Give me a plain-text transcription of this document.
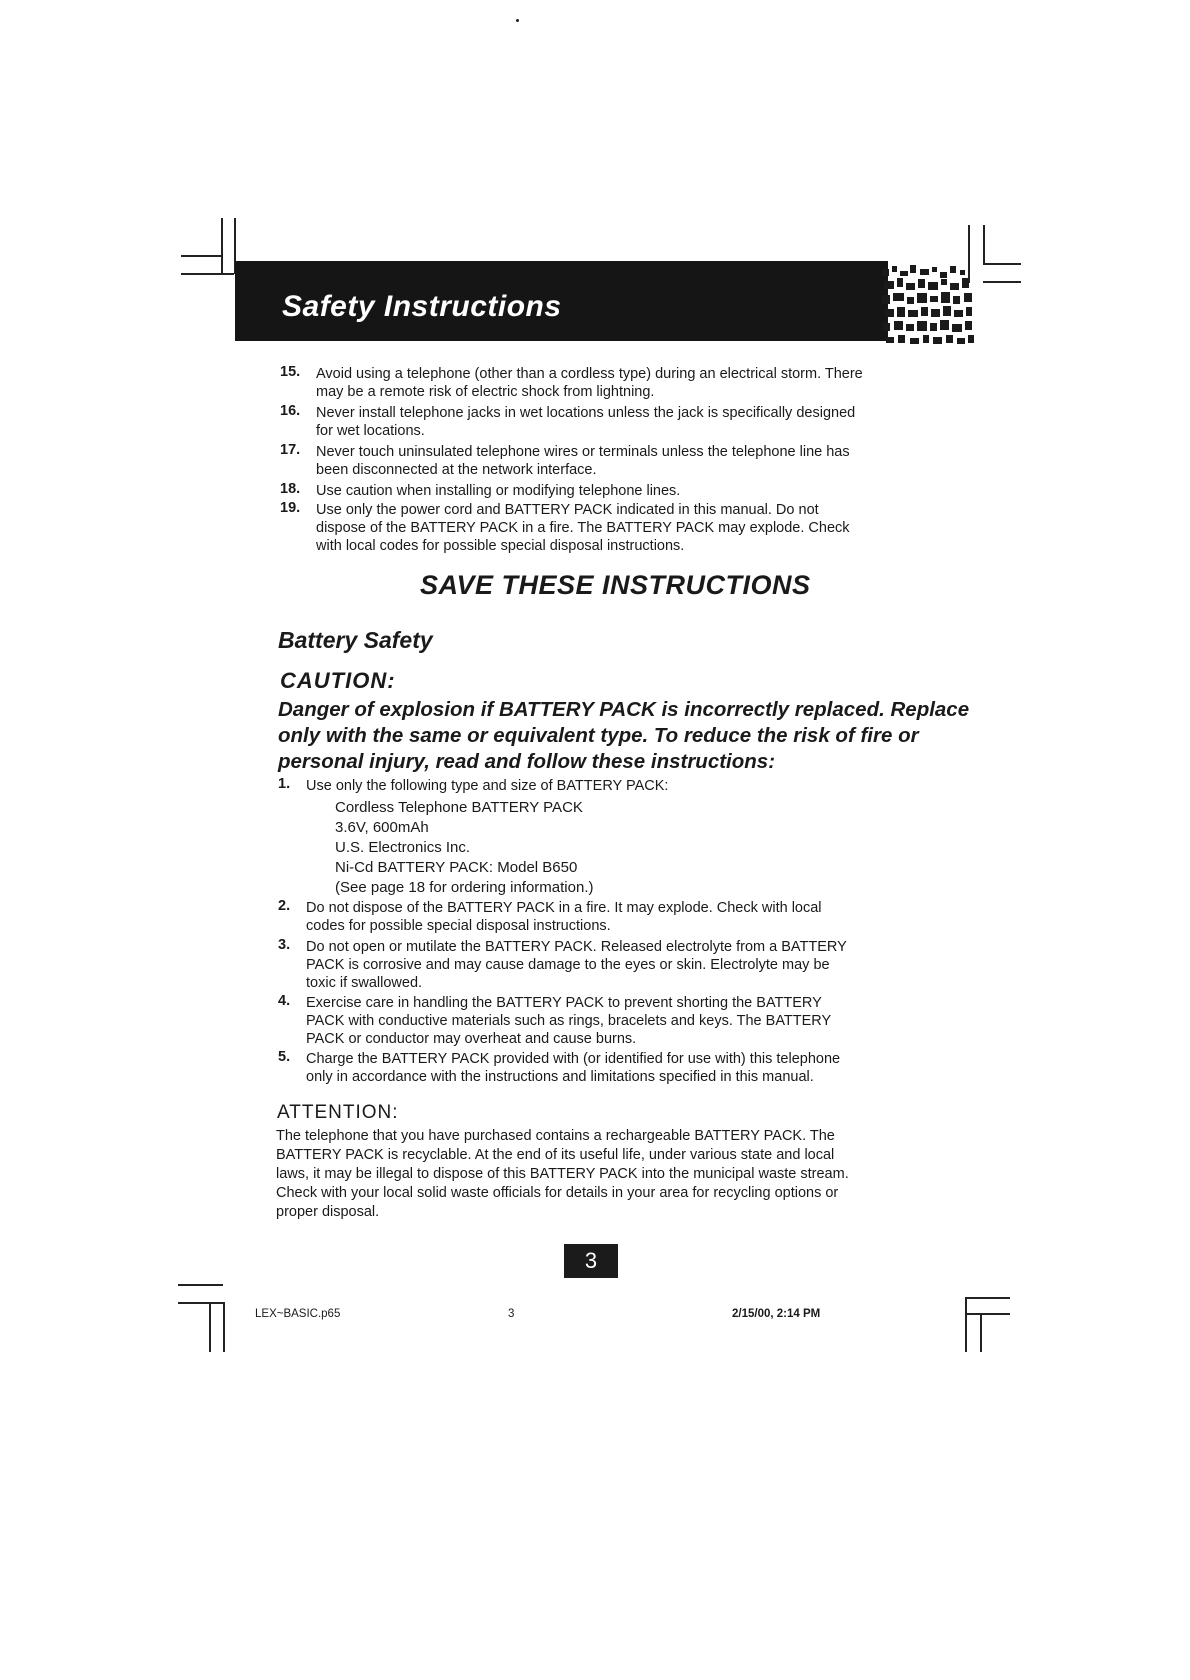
Safety Instructions
15. Avoid using a telephone (other than a cordless type) during an electrical storm. There
may be a remote risk of electric shock from lightning.
16. Never install telephone jacks in wet locations unless the jack is specifically designed
for wet locations.
17. Never touch uninsulated telephone wires or terminals unless the telephone line has
been disconnected at the network interface.
18. Use caution when installing or modifying telephone lines.
19. Use only the power cord and BATTERY PACK indicated in this manual. Do not
dispose of the BATTERY PACK in a fire. The BATTERY PACK may explode. Check
with local codes for possible special disposal instructions.
SAVE THESE INSTRUCTIONS
Battery Safety
CAUTION:
Danger of explosion if BATTERY PACK is incorrectly replaced. Replace
only with the same or equivalent type. To reduce the risk of fire or
personal injury, read and follow these instructions:
1. Use only the following type and size of BATTERY PACK:
Cordless Telephone BATTERY PACK
3.6V, 600mAh
U.S. Electronics Inc.
Ni-Cd BATTERY PACK: Model B650
(See page 18 for ordering information.)
2. Do not dispose of the BATTERY PACK in a fire. It may explode. Check with local
codes for possible special disposal instructions.
3. Do not open or mutilate the BATTERY PACK. Released electrolyte from a BATTERY
PACK is corrosive and may cause damage to the eyes or skin. Electrolyte may be
toxic if swallowed.
4. Exercise care in handling the BATTERY PACK to prevent shorting the BATTERY
PACK with conductive materials such as rings, bracelets and keys. The BATTERY
PACK or conductor may overheat and cause burns.
5. Charge the BATTERY PACK provided with (or identified for use with) this telephone
only in accordance with the instructions and limitations specified in this manual.
ATTENTION:
The telephone that you have purchased contains a rechargeable BATTERY PACK. The
BATTERY PACK is recyclable. At the end of its useful life, under various state and local
laws, it may be illegal to dispose of this BATTERY PACK into the municipal waste stream.
Check with your local solid waste officials for details in your area for recycling options or
proper disposal.
3
LEX~BASIC.p65	3	2/15/00, 2:14 PM
